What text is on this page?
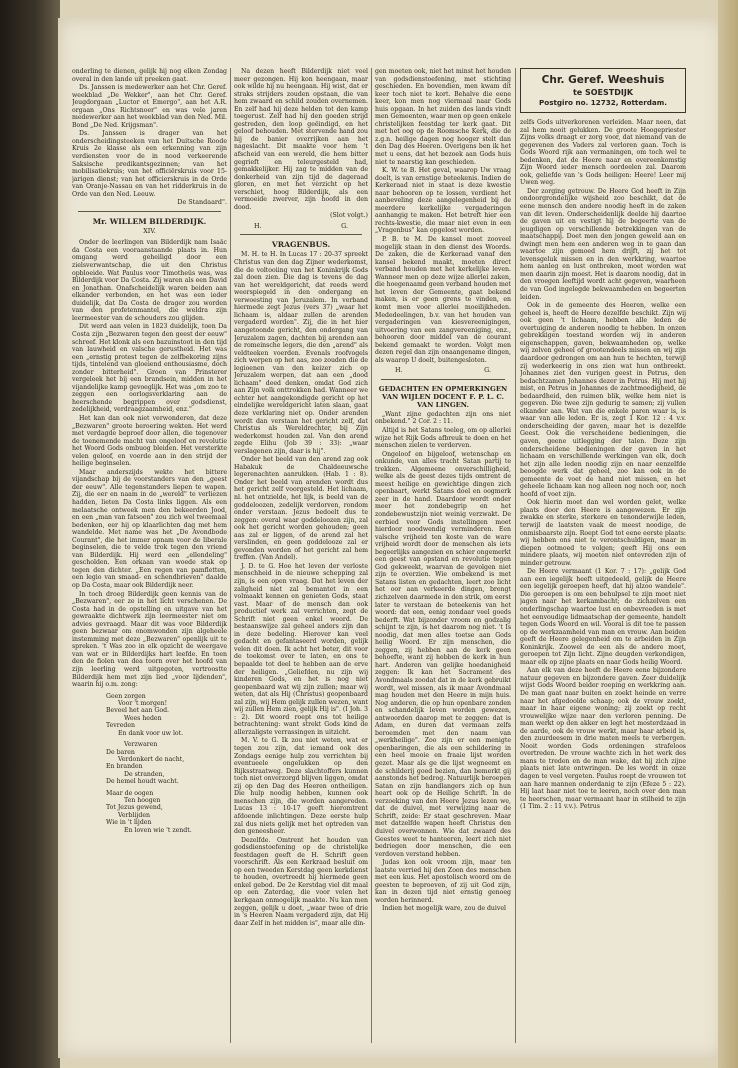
onderling te dienen, gelijk hij nog elken Zondag overal in den lande uit preeken gaat.

Ds. Janssen is medewerker aan het Chr. Geref. weekblad „De Wekker", aan het Chr. Geref. Jeugdorgaan „Luctor et Emergo", aan het A.R. orgaan „Ons Richtsnoer" en was vele jaren medewerker aan het weekblad van den Ned. Mil. Bond „De Ned. Krijgsman".

Ds. Janssen is drager van het onderscheidingsteeken van het Duitsche Roode Kruis 2e klasse als een erkenning van zijn verdiensten voor de in nood verkeerende Saksische predikantsgezinnen; van het mobilisatiekruis; van het officiërskruis voor 15-jarigen dienst; van het officierskruis in de Orde van Oranje-Nassau en van het ridderkruis in de Orde van den Ned. Leeuw.

De Standaard".

Mr. WILLEM BILDERDIJK.
XIV.

Onder de leerlingen van Bilderdijk nam Isaäc da Costa een vooraanstaande plaats in. Hun omgang werd geheiligd door een zielsverwantschap, die uit den Christus opbloeide. Wat Paulus voor Timotheüs was, was Bilderdijk voor Da Costa. Zij waren als een David en Jonathan. Onafscheidelijk waren beiden aan elkander verbonden, en het was een ieder duidelijk, dat Da Costa de drager zou worden van den profetenmantel, die weldra zijn leermeester van de schouders zou glijden.

Dit werd aan velen in 1823 duidelijk, toen Da Costa zijn „Bezwaren tegen den geest der eeuw" schreef. Het klonk als een bazuinstoot in den tijd van lauwheid en valsche gerustheid. Het was een „ernstig protest tegen de zelfbekoring zijns tijds, tintelend van gloeiend enthousiasme, doch zonder bitterheid". Groen van Prinsterer vergeleek het bij een brandsein, midden in het vijandelijke kamp gevoeglijk. Het was „om zoo te zeggen een oorlogsverklaring aan de heerschende begrippen over godsdienst, zedelijkheid, verdraagzaamheid, enz."

Het kan dan ook niet verwonderen, dat deze „Bezwaren" groote beroering wekten. Het werd met verdagde beproef door allen, die tegenover de toenemende macht van ongeloof en revolutie het Woord Gods ombuog bleiden. Het versterkte velen geloof, en voerde aan in den strijd der heilige beginselen.

Maar anderszijds wekte het bittere vijandschap bij de voorstanders van den „geest der eeuw". Alle tegenstanders liepen te wapen. Zij, die eer en naam in de „wereld" te verliezen hadden, lieten Da Costa links liggen. Als een melaatsche ontweek men den bekeerden Jood, en een „man van fatsoen" zou zich wel tweemaal bedenken, eer hij op klaarlichten dag met hem wandelde. Met name was het „De Avondbode Courant", die het immer opnam voor de liberale beginselen, die te velde trok tegen den vriend van Bilderdijk. Hij werd een „ellendeling" gescholden. Een orkaan van woede stak op tegen den dichter. „Een regen van pamfletten, een legio van smaad- en schendbrieven" daalde op Da Costa, maar ook Bilderdijk neer.

In toch droeg Bilderdijk geen kennis van de „Bezwaren", eer ze in het licht verschenen. De Costa had in de opstelling en uitgave van het gewraakte dichtwerk zijn leermeester niet om advies gevraagd. Maar dit was voor Bilderdijk geen bezwaar om onomwonden zijn algeheele instemming met deze „Bezwaren" openlijk uit te spreken. 't Was zoo in elk opzicht de weergave van wat er in Bilderdijks hart leefde. En toen den de fiolen van dea toorn over het hoofd van zijn leerling werd uitgegoten, vertroostte Bilderdijk hem met zijn lied „voor lijdenden", waarin hij o.m. zong:

Geen zorgen
Voor 't morgen!
Beveel het aan God.
Wees heden
Tevreden
En dank voor uw lot.
Verzwaren
De baren
Verdonkert de nacht,
En branden
De stranden,
De hemel houdt wacht.
Maar de oogen
Ten hoogen
Tot Jezus gewend,
Verblijden
Wie in 't lijden
En loven wie 't zendt.

Na dezen heeft Bilderdijk niet veel meer gezongen. Hij kon heengaan, maar ook wilde hij nu heengaan. Hij wist, dat er straks strijders zouden opstaan, die van hem zwaard en schild zouden overnemen. En zelf had hij deze helden tot den kamp toegerust. Zelf had hij den goeden strijd gestreden, den loop geëindigd, en het geloof behouden. Met stervende hand zou hij de banier overrijken aan het nageslacht. Dit maakte voor hem 't afscheid van een wereld, die hem bitter gegrieft en teleurgesteld had, gemakkelijker. Hij zag te midden van de donkerheid van zijn tijd de dageraad gloren, en met het vèrzicht op het verschiet, hoog Bilderdijk, als een vermoeide zwerver, zijn hoofd in den dood.

(Slot volgt.)

H.	G.
VRAGENBUS.

M. H. te H. In Lucas 17 : 20-37 spreekt Christus van den dag Zijner wederkomst, die de voltooiing van het Koninkrijk Gods zal doen zien. Die dag is tevens de dag van het wereldgericht, dat reeds werd weerspiegeld in den ondergang en verwoesting van Jeruzalem. In verband hiermede zegt Jezus (vers 37) „waar het lichaam is, aldaar zullen de arenden vergaderd worden". Zij, die in het hier aangetoonde gericht, den ondergang van Jeruzalem zagen, dachten bij arenden aan de romeinsche legers, die den „arend" als veldteeken voerden. Evenals roofvogels zich werpen op het aas, zoo zouden die de legioenen van den keizer zich op Jeruzalem werpen, dat aan een „dood lichaam" deed denken, omdat God zich aan Zijn volk onttrokken had. Wanneer we echter het aangekondigde gericht op het eindelijke wereldgericht laten slaan, gaat deze verklaring niet op. Onder arenden wordt dan verstaan het gericht zelf, dat Christus als Wereldrechter, bij Zijn wederkomst houden zal. Van den arend zegde Elihu (Job 39 : 33): „waar verslagenen zijn, daar is hij".

Onder het beeld van den arend zag ook Habakuk de Chaldeeuwsche legerenachten aanrukken. (Hab. 1 : 8). Onder het beeld van arenden wordt dus het gericht zelf voorgesteld. Het lichaam, nl. het ontzielde, het lijk, is beeld van de goddeloozen, zedelijk verdorven, rondom onder verstaan. Jezus bedoelt dus te zeggen: overal waar goddeloozen zijn, zal ook het gericht worden gehouden; geen aas zal er liggen, of de arend zal het verslinden, en geen goddelooze zal er gevonden worden of het gericht zal hem treffen. (Van Andel).

J. D. te G. Hoe het leven der verloste menschheid in de nieuwe schepping zal zijn, is een open vraag. Dat het leven der zaligheid niet zal bemantet in een volmaakt kennen en genieten Gods, staat vast. Maar of de mensch dan ook productief werk zal verrichten, zegt de Schrift niet geen enkel woord. De bestaanswijze zal geheel anders zijn dan in deze bedeling. Hierover kan veel gedacht en gefantaseerd worden, gelijk velen dit doen. Ik acht het beter, dit voor de toekomst over te laten, en ons te bepaalde tot deel te hebben aan de erve der heiligen. „Geliefden, nu zijn wij kinderen Gods, en het is nog niet geopenbaard wat wij zijn zullen; maar wij weten, dat als Hij (Christus) geopenbaard zal zijn, wij Hem gelijk zullen wezen, want wij zullen Hem zien, gelijk Hij is". (I Joh. 3 : 2). Dit woord roept ons tot heilige betrachtening: want strekt Gods kind de allerzaligste verrassingen in uitzicht.

M. V. te G. Ik zou niet weten, wat er tegen zou zijn, dat iemand ook des Zondags eenige hulp zou verrichten bij eventueele ongelukken op den Rijksstraatweg. Deze slachtoffers kunnen toch niet onverzorgd blijven liggen, omdat zij op den Dag des Heeren ontheiligen. Die hulp noodig hebben, kunnen ook menschen zijn, die worden aangereden. Lucas 13 : 10-17 geeft hieromtrent afdoende inlichtingen. Deze eerste hulp zal dus niets gelijk met het optreden van den geneesheer.

Dezelfde. Omtrent het houden van godsdienstoefening op de christelijke feestdagen geeft de H. Schrift geen voorschrift. Als een Kerkraad besluit om op een tweeden Kerstdag geen kerkdienst te houden, overtreedt hij hiermede geen enkel gebod. De 2e Kerstdag viel dit maal op een Zaterdag, die voor velen het kerkgaan onmogelijk maakte. Nu kan men zeggen, gelijk u doet, „waar twee of drie in 's Heeren Naam vergaderd zijn, dat Hij daar Zelf in het midden is", maar alle din-

gen moeten ook, niet het minst het houden van godsdienstoefening, met stichting geschieden. En bovendien, men kwam dit keer toch niet te kort. Behalve die eene keer, kon men nog viermaal naar Gods huis opgaan. In het zuiden des lands vindt men Gemeenten, waar men op geen enkele christelijken feestdag ter kerk gaat. Dit met het oog op de Roomsche Kerk, die de z.g.n. heilige dagen nog hooger stelt dan den Dag des Heeren. Overigens ben ik het met u eens, dat het bezoek aan Gods huis niet te naarstig kan geschieden.

K. W. te B. Het geval, waarop Uw vraag doelt, is van ernstige beteekenis. Indien de Kerkeraad niet in staat is deze kwestie naar behooren op te lossen, verdient het aanbeveling deze aangelegenheid bij de meerdere kerkelijke vergaderingen aanhangig te maken. Het betreft hier een rechts-kwestie, die maar niet even in een „Vragenbus" kan opgelost worden.

P. B. te M. De kansel moet zooveel mogelijk staan in den dienst des Woords. De zaken, die de Kerkeraad vanaf den kansel bekend maakt, moeten direct verband houden met het kerkelijke leven. Wanneer men op deze wijze allerlei zaken, die hoegenaamd geen verband houden met het leven der Gemeente, gaat bekend maken, is er geen grens te vinden, en komt men voor allerlei moeilijkheden. Mededeelingen, b.v. van het houden van vergaderingen van kiesvereenigingen, uitvoering van een zangvereeniging, enz., behooren door middel van de courant bekend gemaakt te worden. Volgt men dezen regel dan zijn onaangename dingen, als waarop U doelt, buitengesloten.

H.	G.
GEDACHTEN EN OPMERKINGEN VAN WIJLEN DOCENT F. P. L. C. VAN LINGEN.

„Want zijne gedachten zijn ons niet onbekend." 2 Cor. 2 : 11.

Altijd is het Satans toeleg, om op allerlei wijze het Rijk Gods afbreuk te doen en het menschen zielen te verderven.

Ongeloof en bijgeloof, wetenschap en onkunde, van alles tracht Satan partij te trekken. Algemeene onverschilligheid, welke als de geest dezes tijds omtrent de meest heilige en gewichtige dingen zich openbaart, werkt Satans doel en oogmerk zeer in de hand. Daardoor wordt onder meer het zondebegrip en het zondebewustzijn niet weinig verzwakt. De eerbied voor Gods instellingen moet hierdoor noodwendig verminderen. Een valsche vrijheid ten koste van de ware vrijheid wordt door de menschen als iets begeerlijks aangezien en schier ongemerkt een geest van opstand en revolutie tegen God gekweekt, waarvan de gevolgen niet zijn te overzien. Wie ombekend is met Satans listen en gedachten, leert zoo licht het oor aan verkeerde dingen, brengt zichzelven daarmede in den strik, om eerst later te verstaan de beteekenis van het woord: dat een, eenig zondaar veel goeds bederft. Wat bijzonder vroom en godzalig schijnt te zijn, is het daarom nog niet. 't Is noodig, dat men alles toetse aan Gods heilig Woord. Er zijn menschen, die zeggen, zij hebben aan de kerk geen behoefte, want zij hebben de kerk in hun hart. Anderen van gelijke hoedanigheid zeggen: Ik kan het Sacrament des Avondmaals zoodat dat in de kerk gebruikt wordt, wel missen, als ik maar Avondmaal mag houden met den Heere in mijn huis. Nog anderen, die op hun openbare zonden en schandelijk leven worden gewezen, antwoorden daarop met te zeggen: dat is Adam, en duren dat vermaan zelfs beroemden met den naam van „werkheilige". Zoo zijn er een menigte openbaringen, die als een schildering in een heel mooie en fraaie lijst worden gezet. Maar als ge die lijst wegneemt en de schilderij goed bezien, dan bemerkt gij aanstonds het bedrog. Natuurlijk beroepen Satan en zijn handlangers zich op hun heart ook op de Heilige Schrift. In de verzoeking van den Heere Jezus lezen we, dat de duivel, met verwijzing naar de Schrift, zeide: Er staat geschreven. Maar met datzelfde wapen heeft Christus den duivel overwonnen. Wie dat zwaard des Geestes weet te hanteeren, leert zich niet bedriegen door menschen, die een verdoven verstand hebben.

Judas kon ook vroom zijn, maar ten laatste verried hij den Zoon des menschen met een kus. Het apostolisch woord om de geesten te beproeven, of zij uit God zijn, kan in dezen tijd niet ernstig genoeg worden herinnerd.

Indien het mogelijk ware, zou de duivel

Chr. Geref. Weeshuis
te SOESTDIJK
Postgiro no. 12732, Rotterdam.

zelfs Gods uitverkorenen verleiden. Maar neen, dat zal hem nooit gelukken. De groote Hoogepriester Zijns volks draagt er zorg voor, dat niemand van de gegevenen des Vaders zal verloren gaan. Toch is Gods Woord rijk aan vermaningen, om toch wel te bedenken, dat de Heere naar en overeenkomstig Zijn Woord ieder mensch oordeelen zal. Daarom ook, geliefde van 's Gods heiligen: Heere! Leer mij Uwen weg.

Der zorging getrouw. De Heere God heeft in Zijn ondoorgrondelijke wijsheid zoo beschikt, dat de eene mensch den andere noodig heeft in de zaken van dit leven. Onderscheidenlijk deelde hij daartoe de gaven uit en vestigt hij de begeerte van de jeugdigen op verschillende betrekkingen van de maatschappij. Doet men den jongen geweld aan en dwingt men hem een anderen weg in te gaan dan waartoe zijn gemoed hem drijft, zij het tot levensgeluk missen en in den werkkring, waartoe hem aanleg en lust ontbreken, moet worden wat men daarin zijn moest. Het is daarom noodig, dat in den vroegen leeftijd wordt acht gegeven, waarheen de van God ingelegde bekwaamheden en begeerten leiden.

Ook in de gemeente des Heeren, welke een geheel is, heeft de Heere dezelfde beschikt. Zijn wij ook geen 't lichaam, hebben alle leden de overtuiging de anderen noodig te hebben. In onzen gebrekkigen toestand worden wij in anderen eigenschappen, gaven, bekwaamheden op, welke wij zelven geheel of grootendeels missen en wij zijn daardoor gedrongen om aan hun te hechten, terwijl zij wederkeerig in ons zien wat hun ontbreekt. Johannes ziet den vurigen geest in Petrus, den bedachtzamen Johannes dezer in Petrus. Hij met hij mist, en Petrus in Johannes de zachtmoedigheid, de bedaardheid, den ruimen blik, welke hem niet is gegeven. Die twee zijn gedurig te samen; zij vullen elkander aan. Wat van die enkele paren waar is, is waar van alle leden. Er is, zegt 1 Kor. 12 : 4 v.v. onderscheiding der gaven, maar het is dezelfde Geest. Ook die verscheidene bedieningen, die gaven, geene uitlegging der talen. Deze zijn onderscheidene bedieningen der gaven in het lichaam en verschillende werkingen van elk, doch het zijn alle leden noodig zijn en naar eenzelfde beoogde werk dat geheel, zoo kan ook in de gemeente de voet de hand niet missen, en het geheele lichaam kan nog alleen nog noch oor, noch hoofd of voet zijn.

Ook hierin moet dan wel worden gelet, welke plaats door den Heere is aangewezen. Er zijn zwakke en sterke, sterkere en tenonderwijle leden, terwijl de laatsten vaak de meest noodige, de onmisbaarste zijn. Roept God tot eene eerste plaats: wij hebben ons niet te verontschuldigen, maar in diepen ootmoed te volgen; geeft Hij ons een mindere plaats, wij moeten niet ontevreden zijn of minder getrouw.

De Heere vermaant (1 Kor. 7 : 17): „gelijk God aan een iegelijk heeft uitgedeeld, gelijk de Heere een iegelijk geroepen heeft, dat hij alzoo wandele". Die geroepen is om een behulpsel te zijn moet niet jagen naar het kerkambacht; de zichzelven een onderlingschap waartoe lust en onbevreeden is met het eenvoudige lidmaatschap der gemeente, handelt tegen Gods Woord en wil. Vooral is dit toe te passen op de werkzaamheid van man en vrouw. Aan beiden geeft de Heere gelegenheid om te arbeiden in Zijn Koninkrijk. Zoowel de een als de andere moet, geroepen tot Zijn licht. Zijne deugden verkondigen, maar elk op zijne plaats en naar Gods heilig Woord.

Aan elk van deze heeft de Heere eene bijzondere natuur gegeven en bijzondere gaven. Zeer duidelijk wijst Gods Woord beider roeping en werkkring aan. De man gaat naar buiten en zoekt heinde en verre naar het afgedoolde schaap; ook de vrouw zoekt, maar in haar eigene woning; zij zoekt op recht vrouwelijke wijze naar den verloren penning. De man werkt op den akker en legt het mosterdzaad in de aarde, ook de vrouw werkt, maar haar arbeid is, den zuurdeesem in drie maten meels te verbergen. Nooit worden Gods ordeningen strafeloos overtreden. De vrouw wachte zich in het werk des mans te treden en de man wake, dat hij zich zijne plaats niet late ontwringen. De les wordt in onze dagen te veel vergeten. Paulus roept de vrouwen tot aan hare mannen onderdanig te zijn (Efeze 5 : 22). Hij laat haar niet toe te leeren, noch over den man te heerschen, maar vermaant haar in stilheid te zijn (1 Tim. 2 : 11 v.v.). Petrus
